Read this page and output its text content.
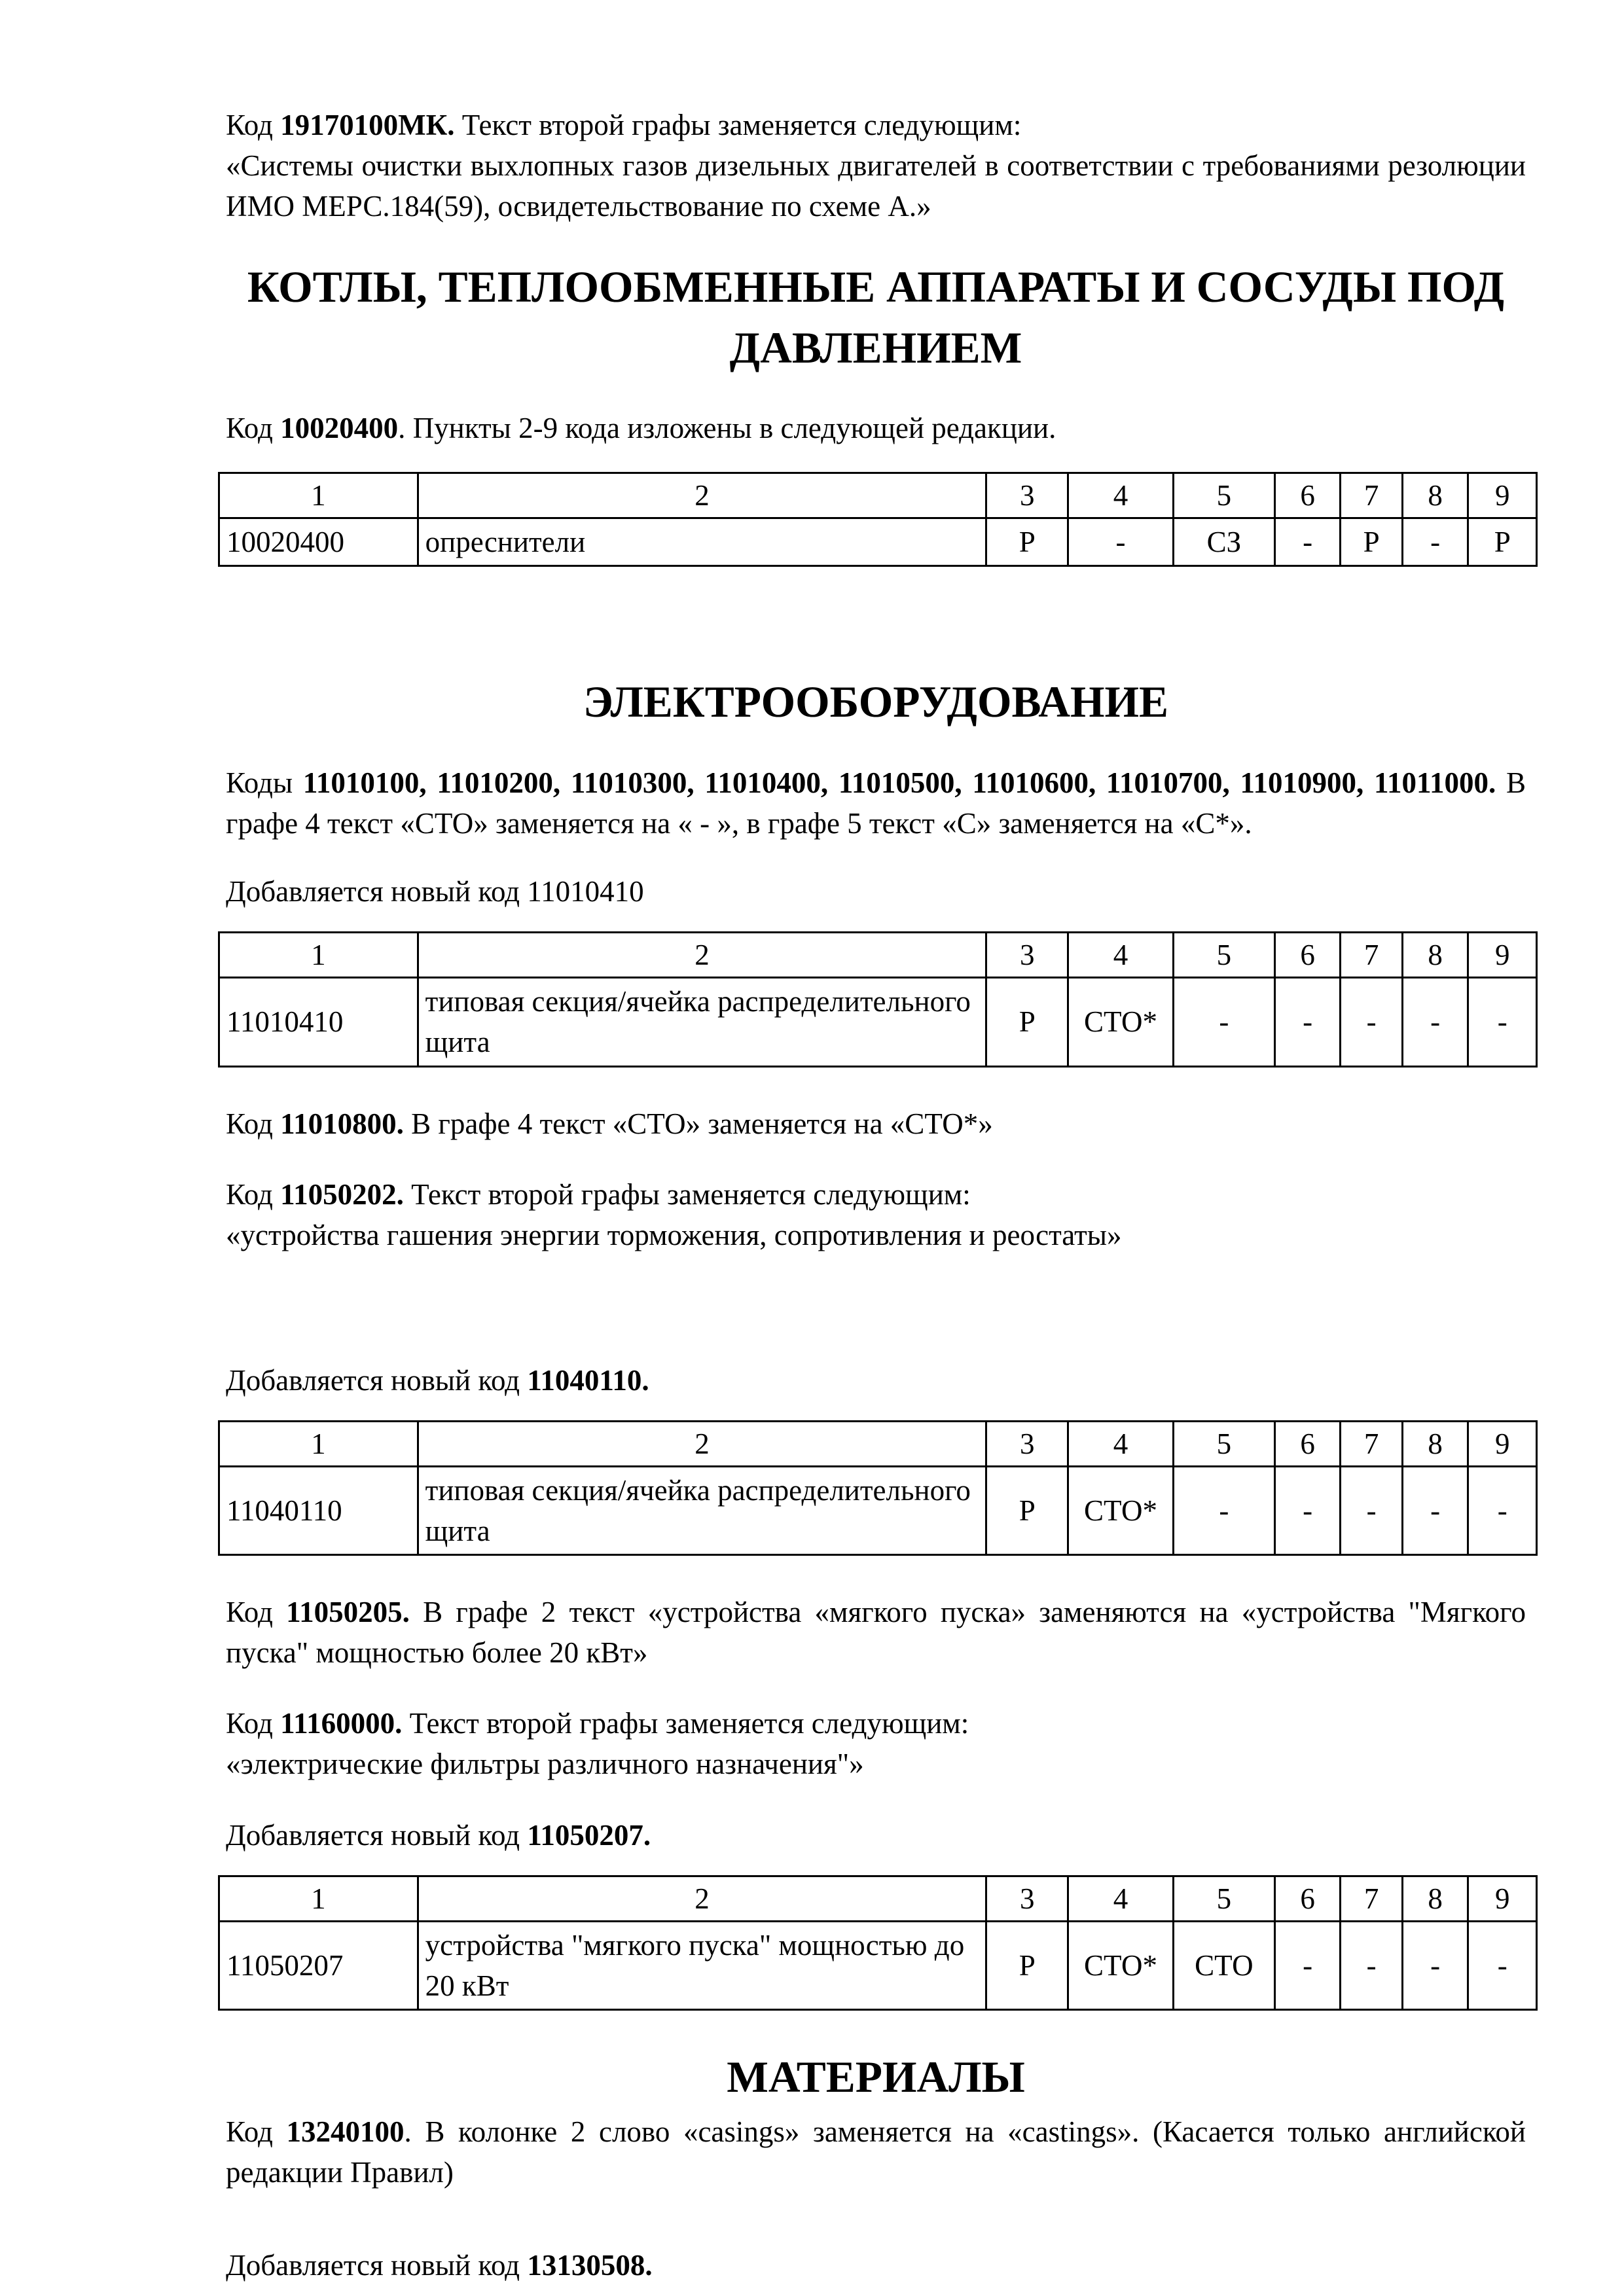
Код 19170100МК. Текст второй графы заменяется следующим:

«Системы очистки выхлопных газов дизельных двигателей в соответствии с требованиями резолюции ИМО МЕРС.184(59), освидетельствование по схеме А.»

КОТЛЫ, ТЕПЛООБМЕННЫЕ АППАРАТЫ И СОСУДЫ ПОД ДАВЛЕНИЕМ

Код 10020400. Пункты 2-9 кода изложены в следующей редакции.

1	2	3	4	5	6	7	8	9
10020400	опреснители	Р	-	СЗ	-	Р	-	Р
ЭЛЕКТРООБОРУДОВАНИЕ

Коды 11010100, 11010200, 11010300, 11010400, 11010500, 11010600, 11010700, 11010900, 11011000. В графе 4 текст «СТО» заменяется на « - », в графе 5 текст «С» заменяется на «С*».

Добавляется новый код 11010410

1	2	3	4	5	6	7	8	9
11010410	типовая секция/ячейка распределительного щита	Р	СТО*	-	-	-	-	-

Код 11010800. В графе 4 текст «СТО» заменяется на «СТО*»

Код 11050202. Текст второй графы заменяется следующим:

«устройства гашения энергии торможения, сопротивления и реостаты»

Добавляется новый код 11040110.

1	2	3	4	5	6	7	8	9
11040110	типовая секция/ячейка распределительного щита	Р	СТО*	-	-	-	-	-

Код 11050205. В графе 2 текст «устройства «мягкого пуска» заменяются на «устройства "Мягкого пуска" мощностью более 20 кВт»

Код 11160000. Текст второй графы заменяется следующим:

«электрические фильтры различного назначения"»

Добавляется новый код 11050207.

1	2	3	4	5	6	7	8	9
11050207	устройства "мягкого пуска" мощностью до 20 кВт	Р	СТО*	СТО	-	-	-	-
МАТЕРИАЛЫ

Код 13240100. В колонке 2 слово «casings» заменяется на «castings». (Касается только английской редакции Правил)

Добавляется новый код 13130508.
